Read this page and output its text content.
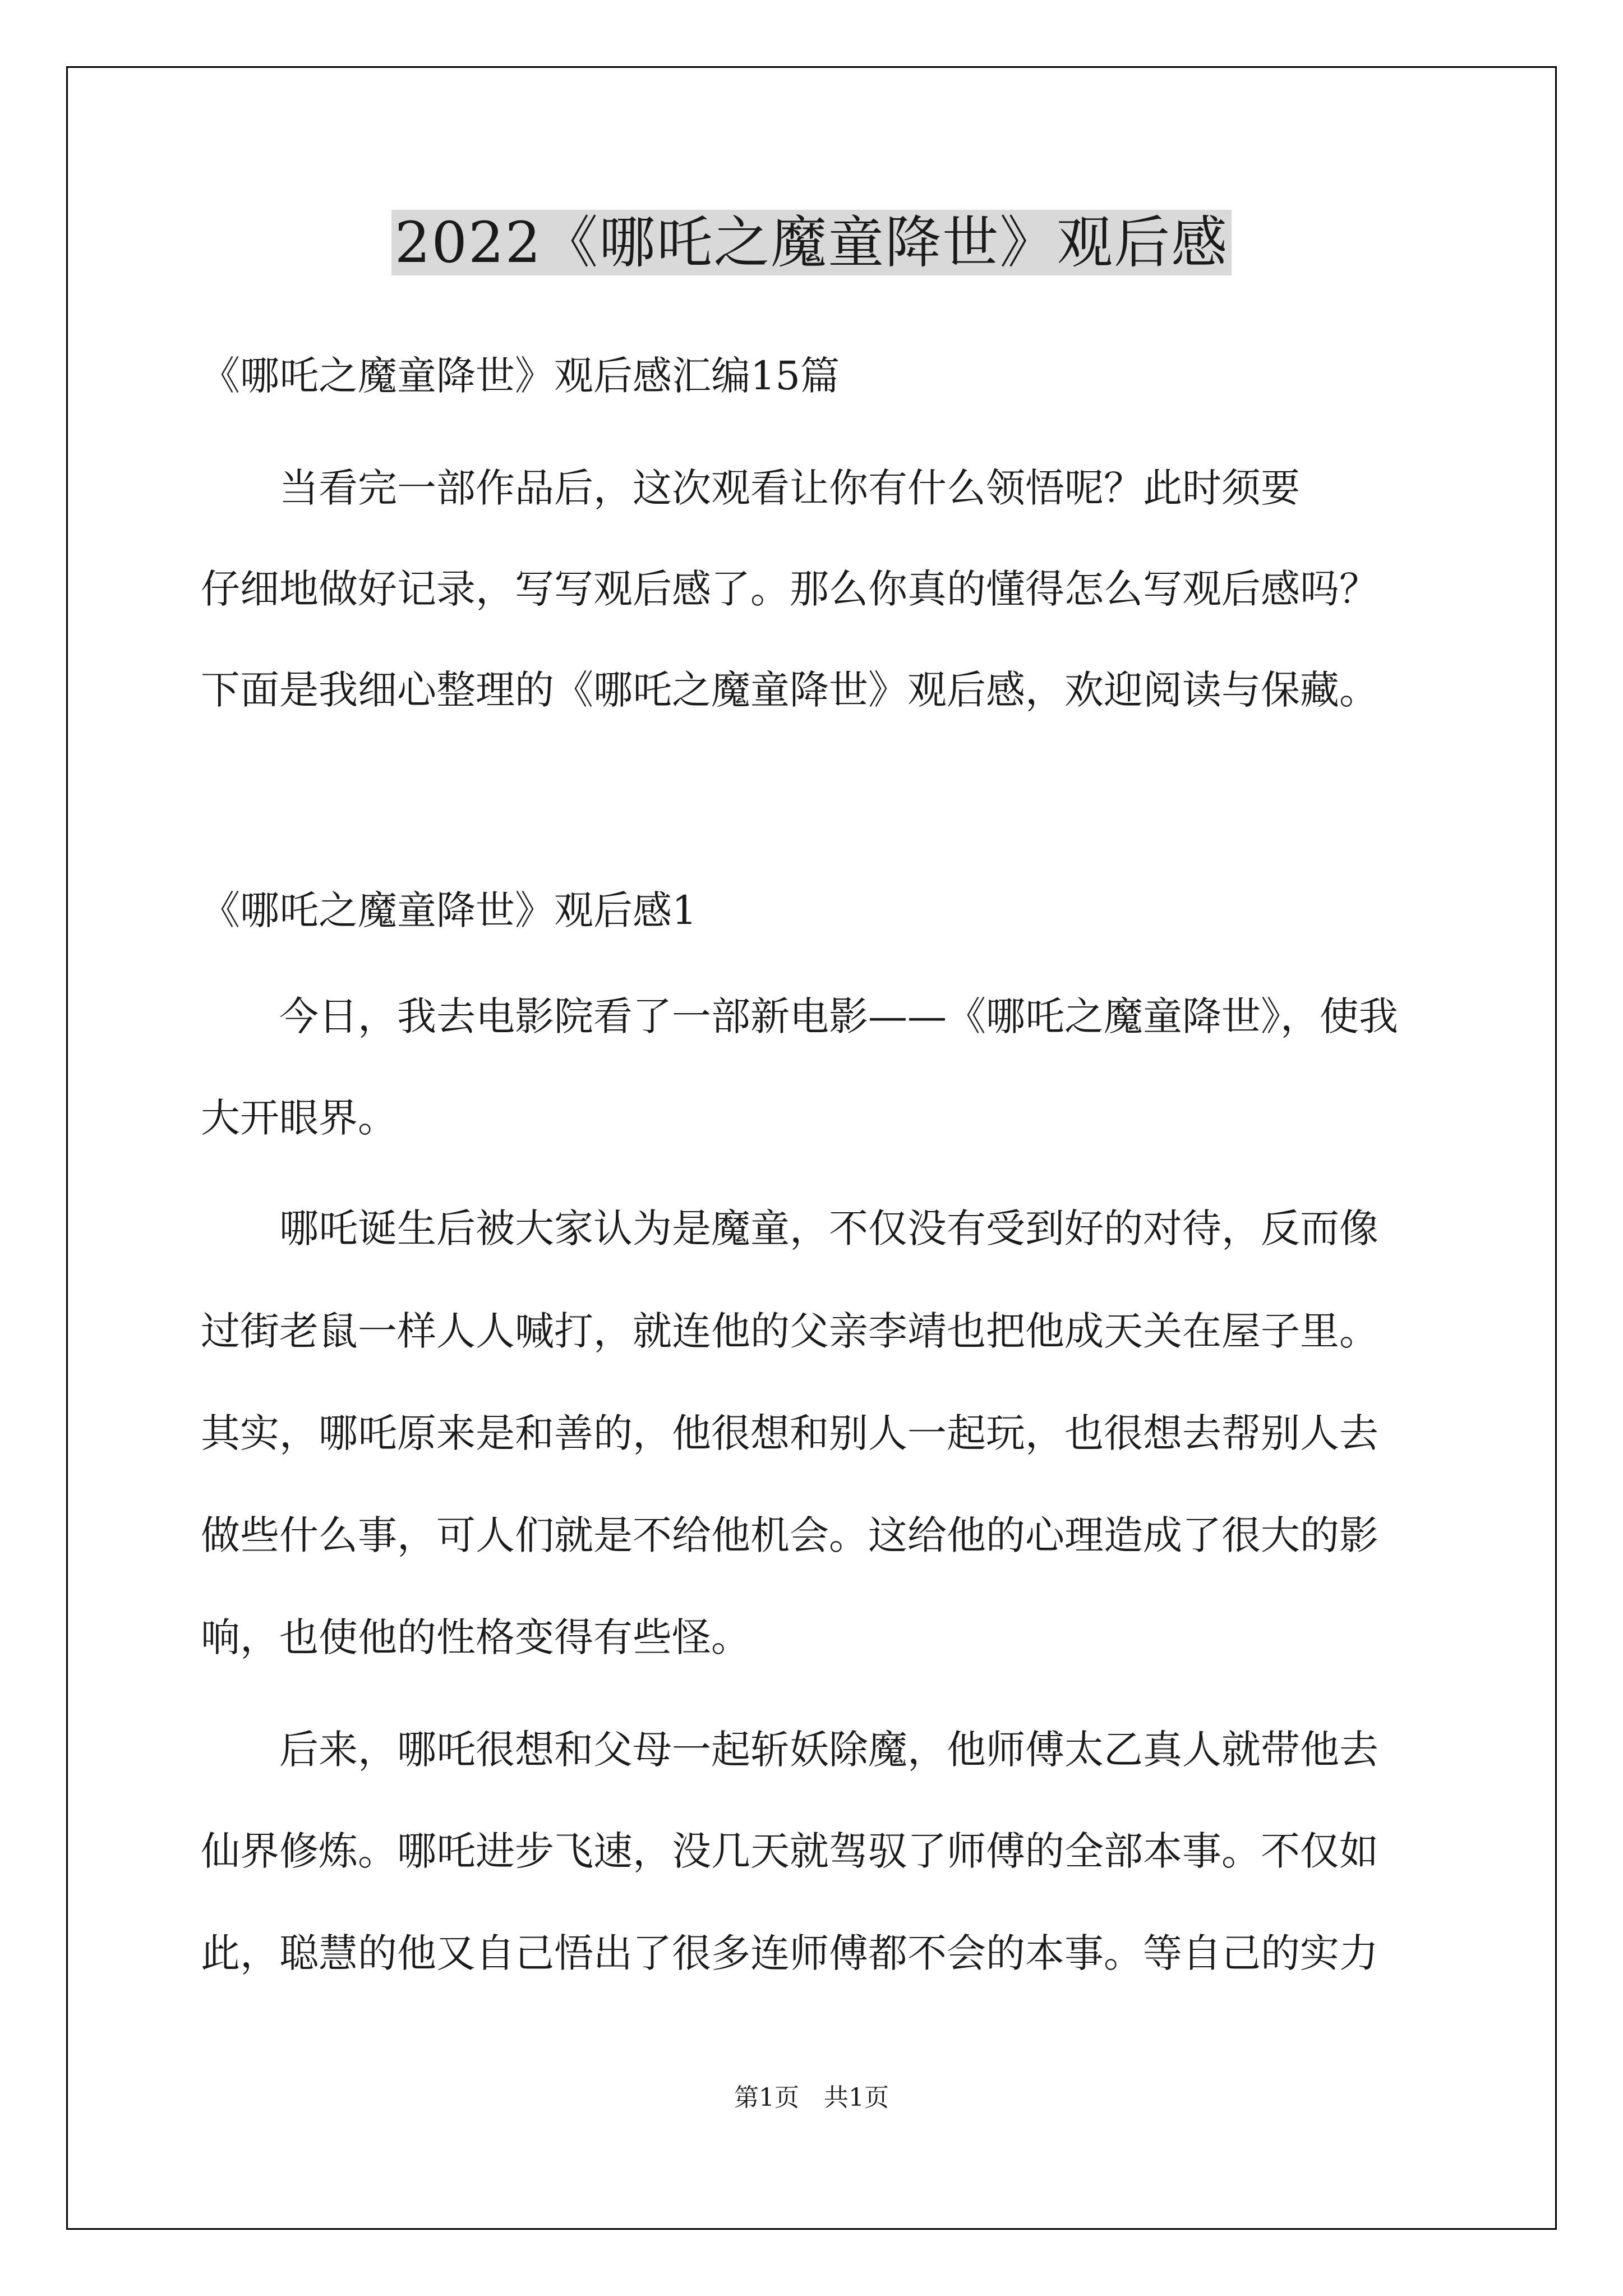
2022《哪吒之魔童降世》观后感
《哪吒之魔童降世》观后感汇编15篇
　　当看完一部作品后，这次观看让你有什么领悟呢？此时须要
仔细地做好记录，写写观后感了。那么你真的懂得怎么写观后感吗？
下面是我细心整理的《哪吒之魔童降世》观后感，欢迎阅读与保藏。
《哪吒之魔童降世》观后感1
　　今日，我去电影院看了一部新电影——《哪吒之魔童降世》，使我
大开眼界。
　　哪吒诞生后被大家认为是魔童，不仅没有受到好的对待，反而像
过街老鼠一样人人喊打，就连他的父亲李靖也把他成天关在屋子里。
其实，哪吒原来是和善的，他很想和别人一起玩，也很想去帮别人去
做些什么事，可人们就是不给他机会。这给他的心理造成了很大的影
响，也使他的性格变得有些怪。
　　后来，哪吒很想和父母一起斩妖除魔，他师傅太乙真人就带他去
仙界修炼。哪吒进步飞速，没几天就驾驭了师傅的全部本事。不仅如
此，聪慧的他又自己悟出了很多连师傅都不会的本事。等自己的实力
第1页　共1页
